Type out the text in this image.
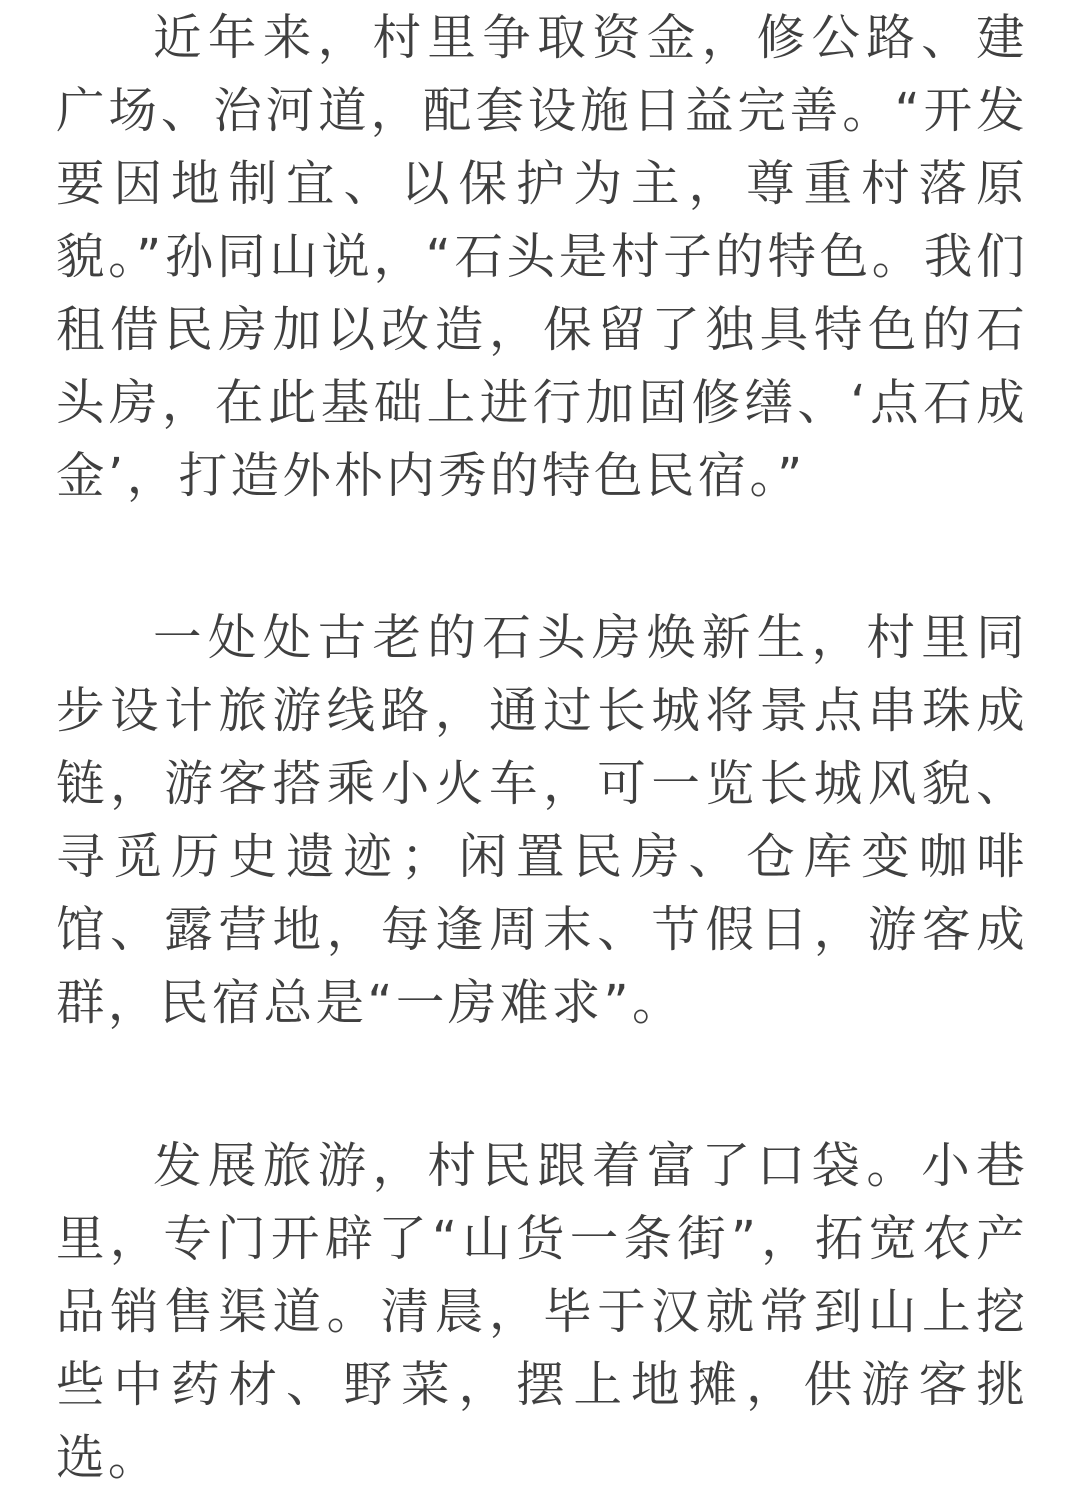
近年来，村里争取资金，修公路、建广场、治河道，配套设施日益完善。“开发要因地制宜、以保护为主，尊重村落原貌。”孙同山说，“石头是村子的特色。我们租借民房加以改造，保留了独具特色的石头房，在此基础上进行加固修缮、‘点石成金’，打造外朴内秀的特色民宿。”

一处处古老的石头房焕新生，村里同步设计旅游线路，通过长城将景点串珠成链，游客搭乘小火车，可一览长城风貌、寻觅历史遗迹；闲置民房、仓库变咖啡馆、露营地，每逢周末、节假日，游客成群，民宿总是“一房难求”。

发展旅游，村民跟着富了口袋。小巷里，专门开辟了“山货一条街”，拓宽农产品销售渠道。清晨，毕于汉就常到山上挖些中药材、野菜，摆上地摊，供游客挑选。
